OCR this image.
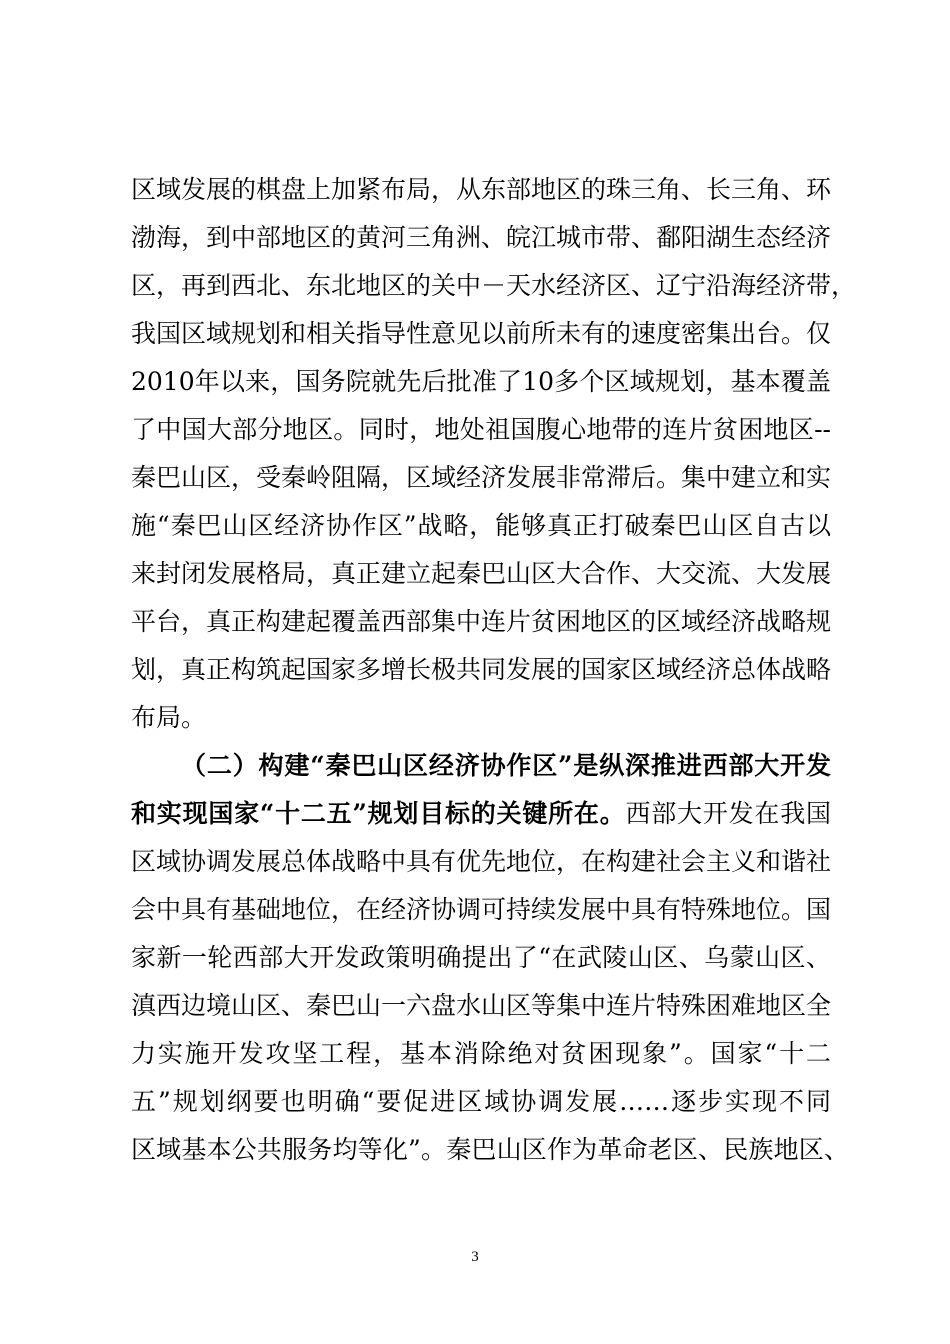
区域发展的棋盘上加紧布局，从东部地区的珠三角、长三角、环
渤海，到中部地区的黄河三角洲、皖江城市带、鄱阳湖生态经济
区，再到西北、东北地区的关中－天水经济区、辽宁沿海经济带，
我国区域规划和相关指导性意见以前所未有的速度密集出台。仅
2010年以来，国务院就先后批准了10多个区域规划，基本覆盖
了中国大部分地区。同时，地处祖国腹心地带的连片贫困地区--
秦巴山区，受秦岭阻隔，区域经济发展非常滞后。集中建立和实
施“秦巴山区经济协作区”战略，能够真正打破秦巴山区自古以
来封闭发展格局，真正建立起秦巴山区大合作、大交流、大发展
平台，真正构建起覆盖西部集中连片贫困地区的区域经济战略规
划，真正构筑起国家多增长极共同发展的国家区域经济总体战略
布局。
（二）构建“秦巴山区经济协作区”是纵深推进西部大开发
和实现国家“十二五”规划目标的关键所在。西部大开发在我国
区域协调发展总体战略中具有优先地位，在构建社会主义和谐社
会中具有基础地位，在经济协调可持续发展中具有特殊地位。国
家新一轮西部大开发政策明确提出了“在武陵山区、乌蒙山区、
滇西边境山区、秦巴山一六盘水山区等集中连片特殊困难地区全
力实施开发攻坚工程，基本消除绝对贫困现象”。国家“十二
五”规划纲要也明确“要促进区域协调发展……逐步实现不同
区域基本公共服务均等化”。秦巴山区作为革命老区、民族地区、
3
